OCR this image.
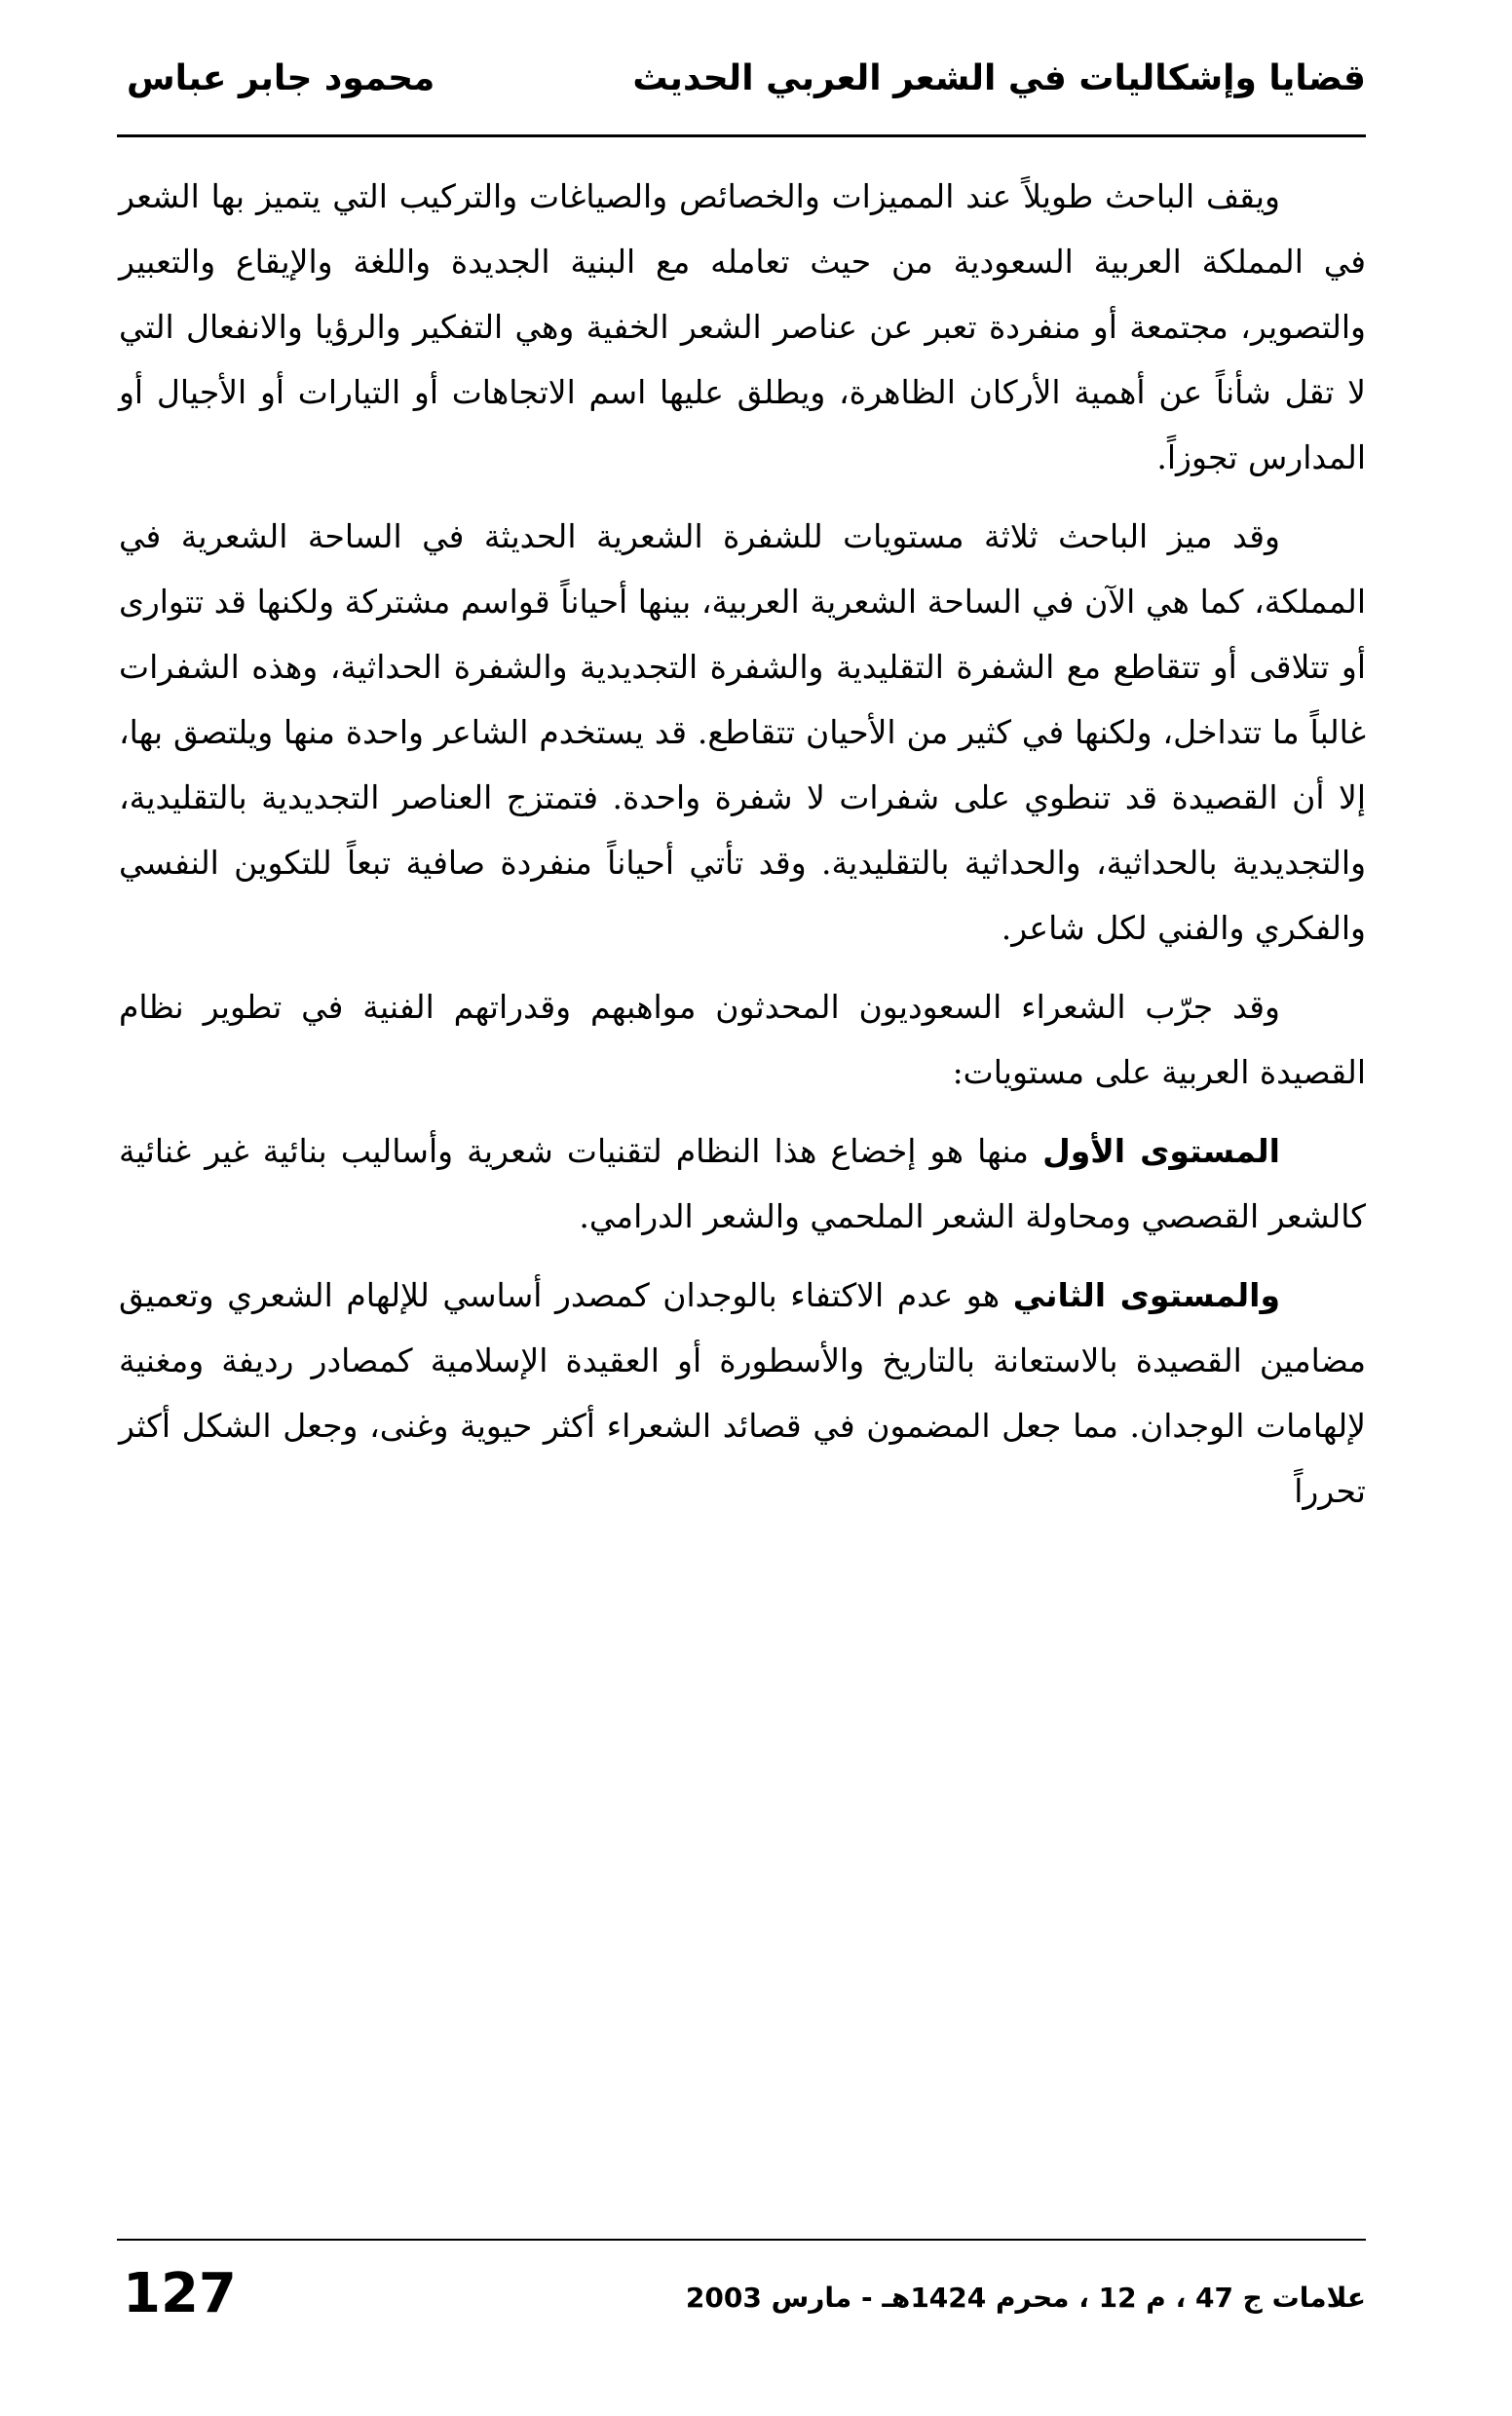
قضايا وإشكاليات في الشعر العربي الحديث
محمود جابر عباس

ويقف الباحث طويلاً عند المميزات والخصائص والصياغات والتركيب التي يتميز بها الشعر في المملكة العربية السعودية من حيث تعامله مع البنية الجديدة واللغة والإيقاع والتعبير والتصوير، مجتمعة أو منفردة تعبر عن عناصر الشعر الخفية وهي التفكير والرؤيا والانفعال التي لا تقل شأناً عن أهمية الأركان الظاهرة، ويطلق عليها اسم الاتجاهات أو التيارات أو الأجيال أو المدارس تجوزاً.

وقد ميز الباحث ثلاثة مستويات للشفرة الشعرية الحديثة في الساحة الشعرية في المملكة، كما هي الآن في الساحة الشعرية العربية، بينها أحياناً قواسم مشتركة ولكنها قد تتوارى أو تتلاقى أو تتقاطع مع الشفرة التقليدية والشفرة التجديدية والشفرة الحداثية، وهذه الشفرات غالباً ما تتداخل، ولكنها في كثير من الأحيان تتقاطع. قد يستخدم الشاعر واحدة منها ويلتصق بها، إلا أن القصيدة قد تنطوي على شفرات لا شفرة واحدة. فتمتزج العناصر التجديدية بالتقليدية، والتجديدية بالحداثية، والحداثية بالتقليدية. وقد تأتي أحياناً منفردة صافية تبعاً للتكوين النفسي والفكري والفني لكل شاعر.

وقد جرّب الشعراء السعوديون المحدثون مواهبهم وقدراتهم الفنية في تطوير نظام القصيدة العربية على مستويات:

المستوى الأول منها هو إخضاع هذا النظام لتقنيات شعرية وأساليب بنائية غير غنائية كالشعر القصصي ومحاولة الشعر الملحمي والشعر الدرامي.

والمستوى الثاني هو عدم الاكتفاء بالوجدان كمصدر أساسي للإلهام الشعري وتعميق مضامين القصيدة بالاستعانة بالتاريخ والأسطورة أو العقيدة الإسلامية كمصادر رديفة ومغنية لإلهامات الوجدان. مما جعل المضمون في قصائد الشعراء أكثر حيوية وغنى، وجعل الشكل أكثر تحرراً

علامات ج 47 ، م 12 ، محرم 1424هـ - مارس 2003
127
